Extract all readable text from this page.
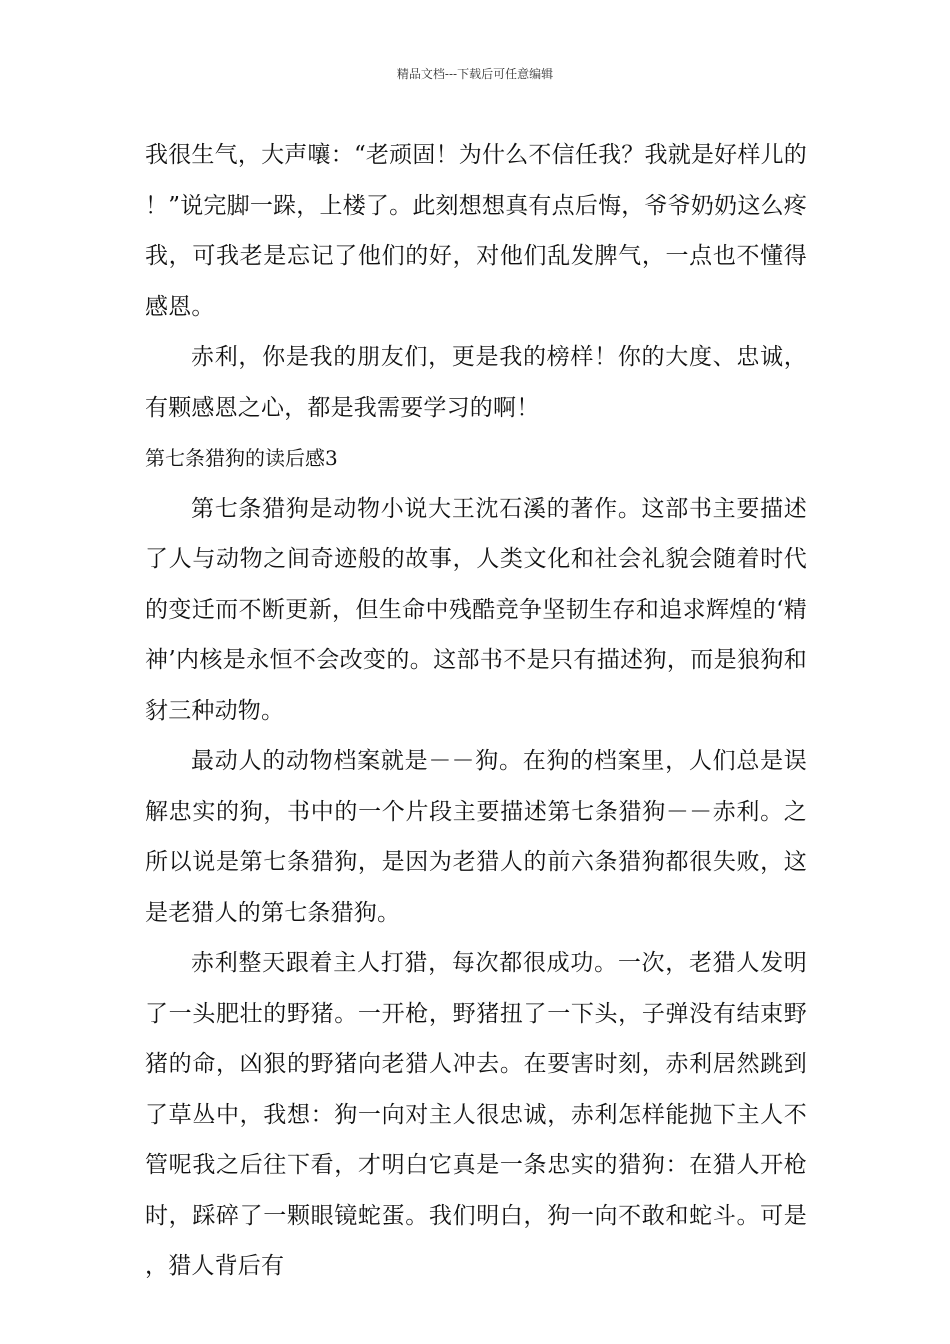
精品文档---下载后可任意编辑

我很生气，大声嚷：“老顽固！为什么不信任我？我就是好样儿的！”说完脚一跺，上楼了。此刻想想真有点后悔，爷爷奶奶这么疼我，可我老是忘记了他们的好，对他们乱发脾气，一点也不懂得感恩。

赤利，你是我的朋友们，更是我的榜样！你的大度、忠诚，有颗感恩之心，都是我需要学习的啊！

第七条猎狗的读后感3

第七条猎狗是动物小说大王沈石溪的著作。这部书主要描述了人与动物之间奇迹般的故事，人类文化和社会礼貌会随着时代的变迁而不断更新，但生命中残酷竞争坚韧生存和追求辉煌的‘精神’内核是永恒不会改变的。这部书不是只有描述狗，而是狼狗和豺三种动物。

最动人的动物档案就是－－狗。在狗的档案里，人们总是误解忠实的狗，书中的一个片段主要描述第七条猎狗－－赤利。之所以说是第七条猎狗，是因为老猎人的前六条猎狗都很失败，这是老猎人的第七条猎狗。

赤利整天跟着主人打猎，每次都很成功。一次，老猎人发明了一头肥壮的野猪。一开枪，野猪扭了一下头，子弹没有结束野猪的命，凶狠的野猪向老猎人冲去。在要害时刻，赤利居然跳到了草丛中，我想：狗一向对主人很忠诚，赤利怎样能抛下主人不管呢我之后往下看，才明白它真是一条忠实的猎狗：在猎人开枪时，踩碎了一颗眼镜蛇蛋。我们明白，狗一向不敢和蛇斗。可是，猎人背后有
